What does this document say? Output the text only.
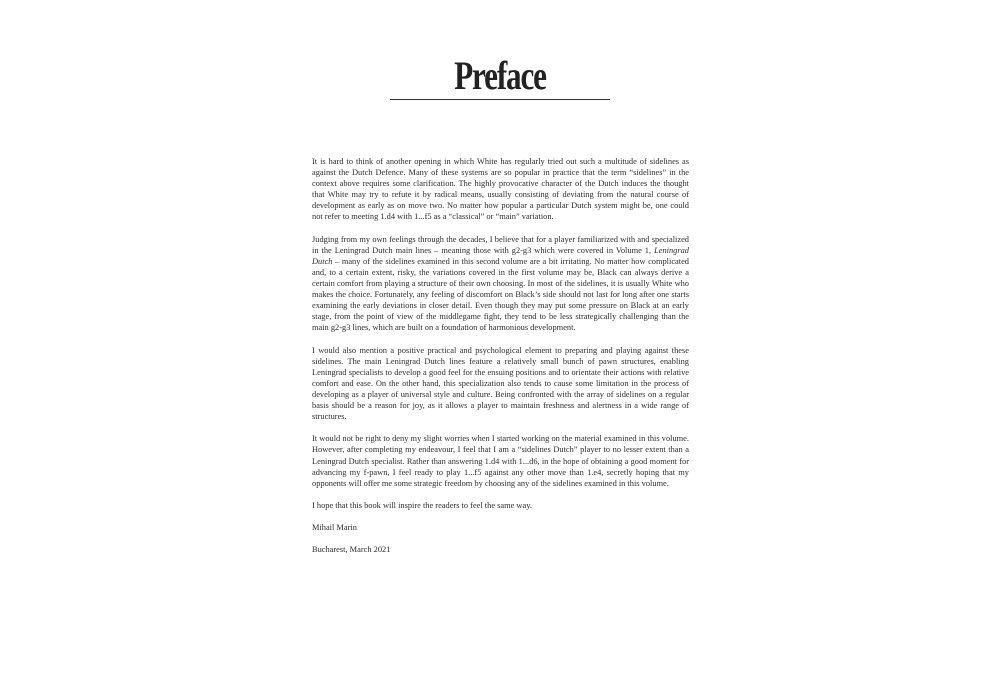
Preface

It is hard to think of another opening in which White has regularly tried out such a multitude of sidelines as against the Dutch Defence. Many of these systems are so popular in practice that the term “sidelines” in the context above requires some clarification. The highly provocative character of the Dutch induces the thought that White may try to refute it by radical means, usually consisting of deviating from the natural course of development as early as on move two. No matter how popular a particular Dutch system might be, one could not refer to meeting 1.d4 with 1...f5 as a “classical” or “main” variation.

Judging from my own feelings through the decades, I believe that for a player familiarized with and specialized in the Leningrad Dutch main lines – meaning those with g2-g3 which were covered in Volume 1, Leningrad Dutch – many of the sidelines examined in this second volume are a bit irritating. No matter how complicated and, to a certain extent, risky, the variations covered in the first volume may be, Black can always derive a certain comfort from playing a structure of their own choosing. In most of the sidelines, it is usually White who makes the choice. Fortunately, any feeling of discomfort on Black’s side should not last for long after one starts examining the early deviations in closer detail. Even though they may put some pressure on Black at an early stage, from the point of view of the middlegame fight, they tend to be less strategically challenging than the main g2-g3 lines, which are built on a foundation of harmonious development.

I would also mention a positive practical and psychological element to preparing and playing against these sidelines. The main Leningrad Dutch lines feature a relatively small bunch of pawn structures, enabling Leningrad specialists to develop a good feel for the ensuing positions and to orientate their actions with relative comfort and ease. On the other hand, this specialization also tends to cause some limitation in the process of developing as a player of universal style and culture. Being confronted with the array of sidelines on a regular basis should be a reason for joy, as it allows a player to maintain freshness and alertness in a wide range of structures.

It would not be right to deny my slight worries when I started working on the material examined in this volume. However, after completing my endeavour, I feel that I am a “sidelines Dutch” player to no lesser extent than a Leningrad Dutch specialist. Rather than answering 1.d4 with 1...d6, in the hope of obtaining a good moment for advancing my f-pawn, I feel ready to play 1...f5 against any other move than 1.e4, secretly hoping that my opponents will offer me some strategic freedom by choosing any of the sidelines examined in this volume.

I hope that this book will inspire the readers to feel the same way.

Mihail Marin

Bucharest, March 2021
